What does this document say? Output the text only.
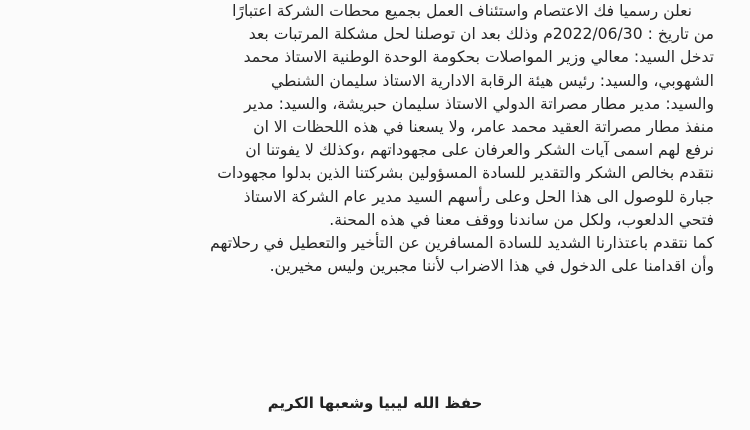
نعلن رسميا فك الاعتصام واستئناف العمل بجميع محطات الشركة اعتبارًا
من تاريخ : 2022/06/30م وذلك بعد ان توصلنا لحل مشكلة المرتبات بعد
تدخل السيد: معالي وزير المواصلات بحكومة الوحدة الوطنية الاستاذ محمد
الشهوبي، والسيد: رئيس هيئة الرقابة الادارية الاستاذ سليمان الشنطي
والسيد: مدير مطار مصراتة الدولي الاستاذ سليمان حبريشة، والسيد: مدير
منفذ مطار مصراتة العقيد محمد عامر، ولا يسعنا في هذه اللحظات الا ان
نرفع لهم اسمى آيات الشكر والعرفان على مجهوداتهم ،وكذلك لا يفوتنا ان
نتقدم بخالص الشكر والتقدير للسادة المسؤولين بشركتنا الذين بدلوا مجهودات
جبارة للوصول الى هذا الحل وعلى رأسهم السيد مدير عام الشركة الاستاذ
فتحي الدلعوب، ولكل من ساندنا ووقف معنا في هذه المحنة.
كما نتقدم باعتذارنا الشديد للسادة المسافرين عن التأخير والتعطيل في رحلاتهم
وأن اقدامنا على الدخول في هذا الاضراب لأننا مجبرين وليس مخيرين.
حفظ الله ليبيا وشعبها الكريم
